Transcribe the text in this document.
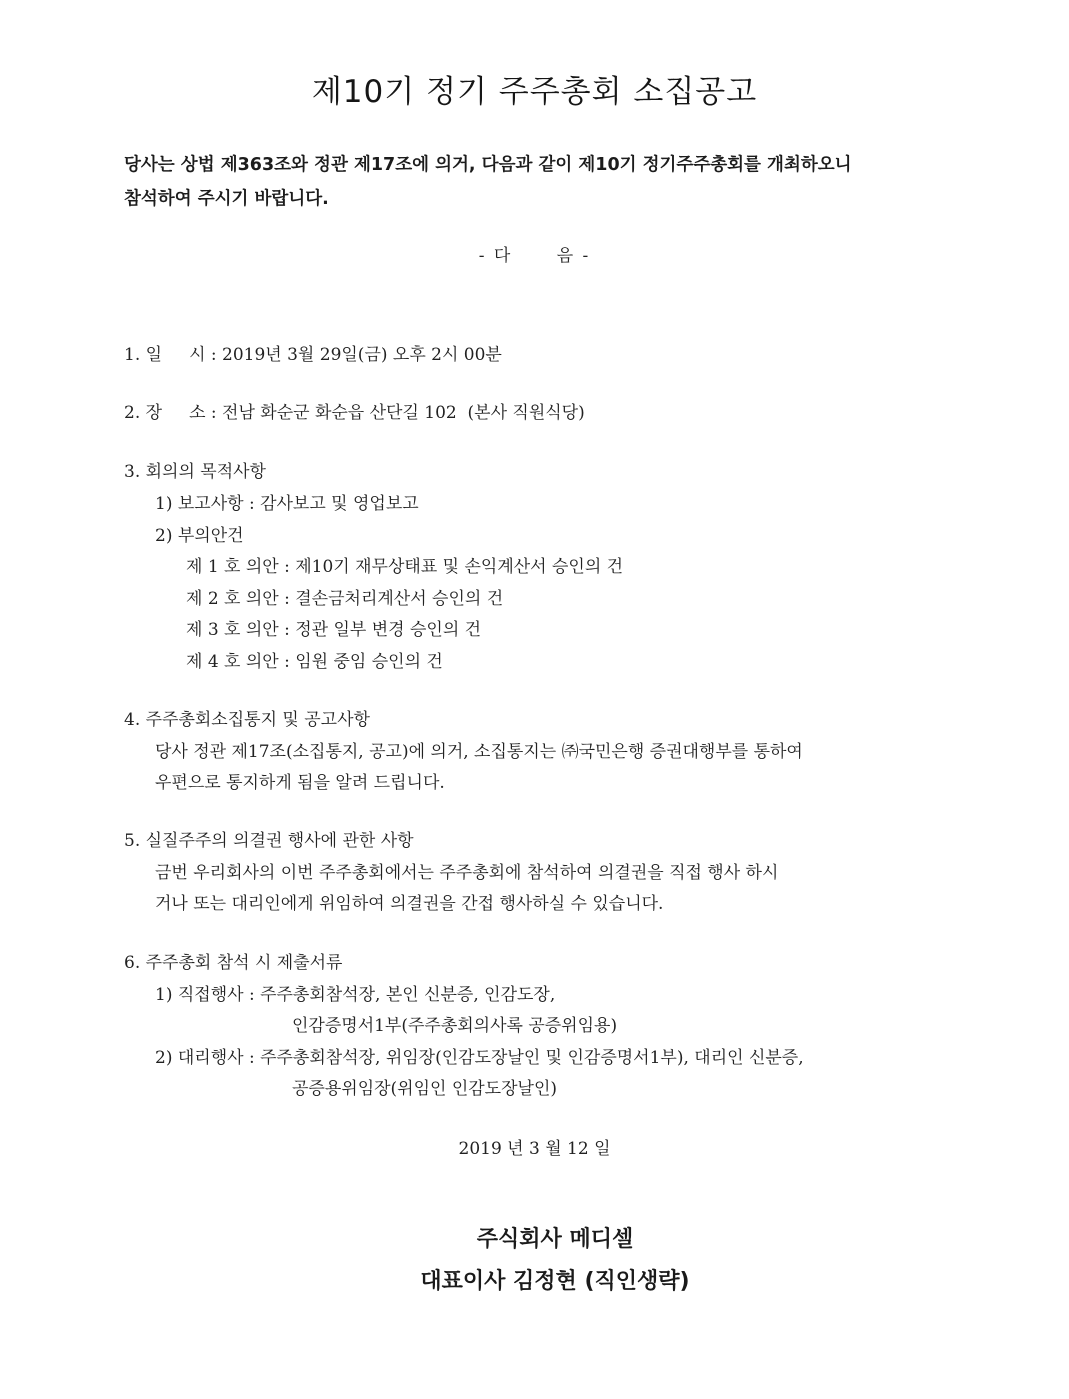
제10기 정기 주주총회 소집공고
당사는 상법 제363조와 정관 제17조에 의거, 다음과 같이 제10기 정기주주총회를 개최하오니
참석하여 주시기 바랍니다.
- 다      음 -
1. 일     시 : 2019년 3월 29일(금) 오후 2시 00분
2. 장     소 : 전남 화순군 화순읍 산단길 102  (본사 직원식당)
3. 회의의 목적사항
1) 보고사항 : 감사보고 및 영업보고
2) 부의안건
제 1 호 의안 : 제10기 재무상태표 및 손익계산서 승인의 건
제 2 호 의안 : 결손금처리계산서 승인의 건
제 3 호 의안 : 정관 일부 변경 승인의 건
제 4 호 의안 : 임원 중임 승인의 건
4. 주주총회소집통지 및 공고사항
당사 정관 제17조(소집통지, 공고)에 의거, 소집통지는 ㈜국민은행 증권대행부를 통하여
우편으로 통지하게 됨을 알려 드립니다.
5. 실질주주의 의결권 행사에 관한 사항
금번 우리회사의 이번 주주총회에서는 주주총회에 참석하여 의결권을 직접 행사 하시
거나 또는 대리인에게 위임하여 의결권을 간접 행사하실 수 있습니다.
6. 주주총회 참석 시 제출서류
1) 직접행사 : 주주총회참석장, 본인 신분증, 인감도장,
인감증명서1부(주주총회의사록 공증위임용)
2) 대리행사 : 주주총회참석장, 위임장(인감도장날인 및 인감증명서1부), 대리인 신분증,
공증용위임장(위임인 인감도장날인)
2019 년 3 월 12 일
주식회사 메디셀
대표이사 김정현 (직인생략)
